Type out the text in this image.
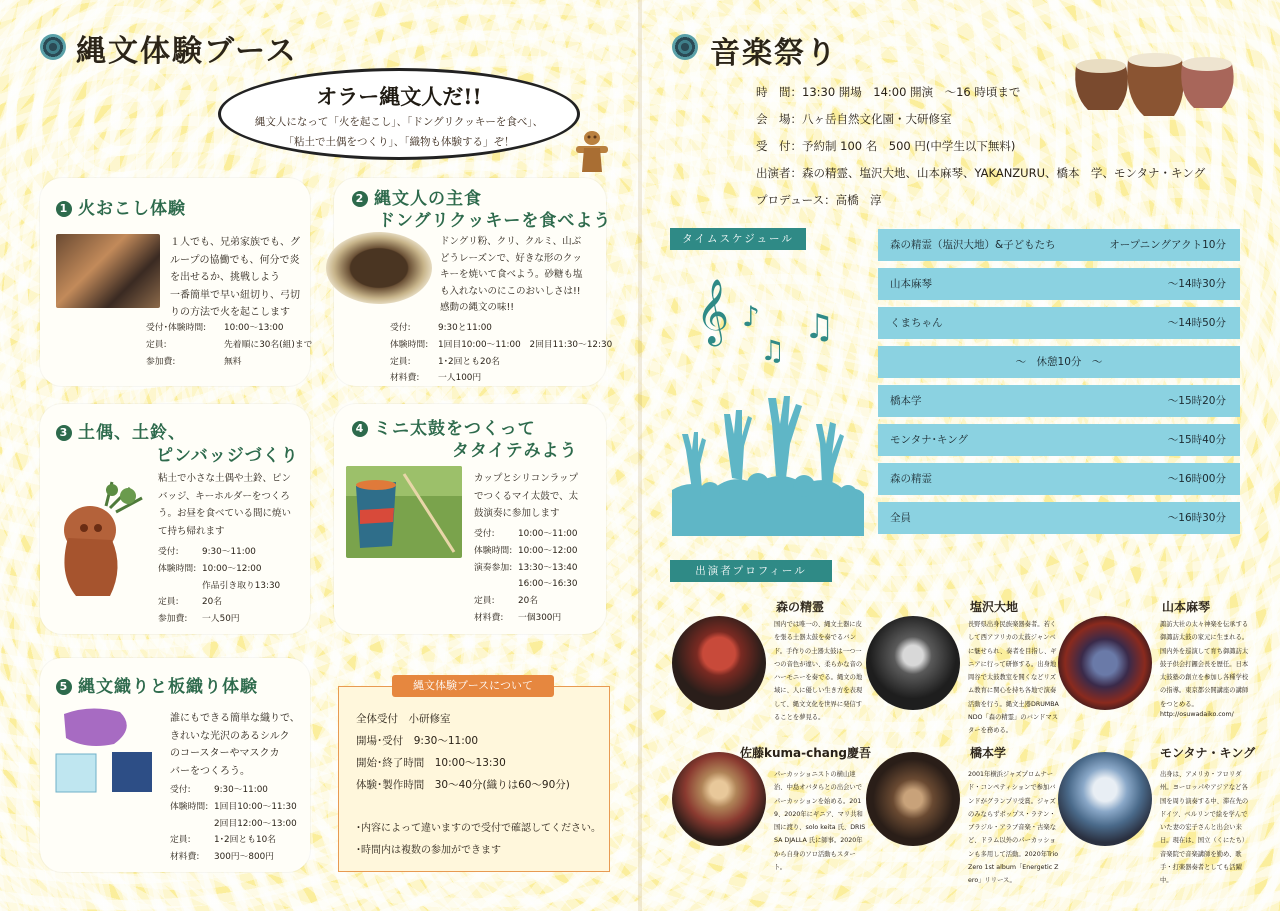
縄文体験ブース
オラー縄文人だ!!
縄文人になって「火を起こし」、「ドングリクッキーを食べ」、
「粘土で土偶をつくり」、「織物も体験する」ぞ！
1 火おこし体験
１人でも、兄弟家族でも、グ
ループの協働でも、何分で炎
を出せるか、挑戦しよう
一番簡単で早い紐切り、弓切
りの方法で火を起こします
受付･体験時間:	10:00～13:00
定員:	先着順に30名(組)まで
参加費:	無料
2 縄文人の主食
ドングリクッキーを食べよう
ドングリ粉、クリ、クルミ、山ぶ
どうレーズンで、好きな形のクッ
キーを焼いて食べよう。砂糖も塩
も入れないのにこのおいしさは!!
感動の縄文の味!!
受付:	9:30と11:00
体験時間:	1回目10:00～11:00　2回目11:30～12:30
定員:	1･2回とも20名
材料費:	一人100円
3 土偶、土鈴、
ピンバッジづくり
粘土で小さな土偶や土鈴、ピン
バッジ、キーホルダーをつくろ
う。お昼を食べている間に焼い
て持ち帰れます
受付:	9:30～11:00
体験時間: 10:00～12:00
作品引き取り13:30
定員:	20名
参加費:	一人50円
4 ミニ太鼓をつくって
タタイテみよう
カップとシリコンラップ
でつくるマイ太鼓で、太
鼓演奏に参加します
受付:	10:00～11:00
体験時間: 10:00～12:00
演奏参加: 13:30～13:40
16:00～16:30
定員:	20名
材料費:	一個300円
5 縄文織りと板織り体験
誰にもできる簡単な織りで、
きれいな光沢のあるシルク
のコースターやマスクカ
バーをつくろう。
受付:	9:30～11:00
体験時間: 1回目10:00～11:30
2回目12:00～13:00
定員:	1･2回とも10名
材料費:	300円～800円
縄文体験ブースについて
全体受付　小研修室
開場･受付　9:30～11:00
開始･終了時間　10:00～13:30
体験･製作時間　30～40分(織りは60～90分)
･内容によって違いますので受付で確認してください。
･時間内は複数の参加ができます
音楽祭り
時　間：13:30 開場　14:00 開演　～16 時頃まで
会　場：八ヶ岳自然文化園・大研修室
受　付：予約制 100 名　500 円(中学生以下無料)
出演者：森の精霊、塩沢大地、山本麻琴、YAKANZURU、橋本　学、モンタナ・キング
プロデュース：高橋　淳
タイムスケジュール
𝄞 ♪
♫
♫
森の精霊（塩沢大地）&子どもたち	オープニングアクト10分
山本麻琴	～14時30分
くまちゃん	～14時50分
～　休憩10分　～
橋本学	～15時20分
モンタナ･キング	～15時40分
森の精霊	～16時00分
全員	～16時30分
出演者プロフィール
森の精霊
国内では唯一の、縄文土器に皮を張る土器太鼓を奏でるバンド。手作りの土器太鼓は一つ一つの音色が違い、柔らかな音のハーモニーを奏でる。縄文の地域に、人に優しい生き方を表現して、縄文文化を世界に発信することを夢見る。
塩沢大地
長野県出身民族楽器奏者。若くして西アフリカの太鼓ジャンベに魅せられ、奏者を目指し、ギニアに行って研修する。出身地岡谷で太鼓教室を開くなどリズム教育に関心を持ち各地で演奏活動を行う。縄文土器DRUMBANDO「森の精霊」のバンドマスターを務める。
山本麻琴
諏訪大社の太々神楽を伝承する御諏訪太鼓の家元に生まれる。国内外を巡演して育ち御諏訪太鼓子供会打鑼会長を歴任。日本太鼓塾の創立を参加し各種学校の指導。東京都公開講座の講師をつとめる。
http://osuwadaiko.com/
佐藤kuma-chang慶吾
パーカッショニストの横山達治、中島オバタらとの出会いでパーカッションを始める。2019、2020年にギニア、マリ共和国に渡り、solo keita 氏、DRISSA DJALLA 氏に師事。2020年から自身のソロ活動もスタート。
橋本学
2001年横浜ジャズプロムナード・コンペティションで参加バンドがグランプリ受賞。ジャズのみならずポップス・ラテン・ブラジル・アラブ音楽・古楽など、ドラム以外のパーカッションも多用して活動。2020年Trio Zero 1st album「Energetic Zero」リリース。
モンタナ・キング
出身は、アメリカ・フロリダ州。ヨーロッパやアジアなど各国を周り演奏する中、滞在先のドイツ、ベルリンで絵を学んでいた妻の宏子さんと出会い来日。現在は、国立（くにたち）音楽院で音楽講師を勤め、歌手・打楽器奏者としても活躍中。
